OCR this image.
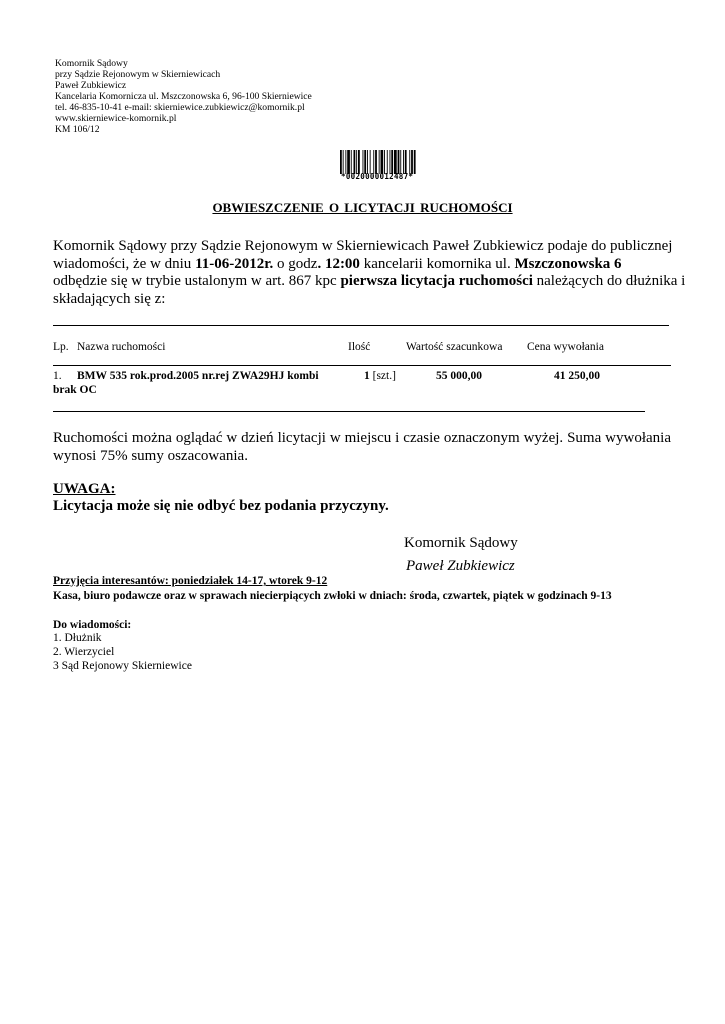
Komornik Sądowy
przy Sądzie Rejonowym w Skierniewicach
Paweł Zubkiewicz
Kancelaria Komornicza ul. Mszczonowska 6, 96-100 Skierniewice
tel. 46-835-10-41 e-mail: skierniewice.zubkiewicz@komornik.pl
www.skierniewice-komornik.pl
KM 106/12
*0020000012487*
OBWIESZCZENIE O LICYTACJI RUCHOMOŚCI
Komornik Sądowy przy Sądzie Rejonowym w Skierniewicach Paweł Zubkiewicz podaje do publicznej
wiadomości, że w dniu 11-06-2012r. o godz. 12:00 kancelarii komornika ul. Mszczonowska 6
odbędzie się w trybie ustalonym w art. 867 kpc pierwsza licytacja ruchomości należących do dłużnika i
składających się z:
Lp. Nazwa ruchomości	Ilość	Wartość szacunkowa Cena wywołania
1. BMW 535 rok.prod.2005 nr.rej ZWA29HJ kombi
brak OC
1 [szt.]	55 000,00	41 250,00
Ruchomości można oglądać w dzień licytacji w miejscu i czasie oznaczonym wyżej. Suma wywołania
wynosi 75% sumy oszacowania.
UWAGA:
Licytacja może się nie odbyć bez podania przyczyny.
Komornik Sądowy
Paweł Zubkiewicz
Przyjęcia interesantów: poniedziałek 14-17, wtorek 9-12
Kasa, biuro podawcze oraz w sprawach niecierpiących zwłoki w dniach: środa, czwartek, piątek w godzinach 9-13
Do wiadomości:
1. Dłużnik
2. Wierzyciel
3 Sąd Rejonowy Skierniewice
